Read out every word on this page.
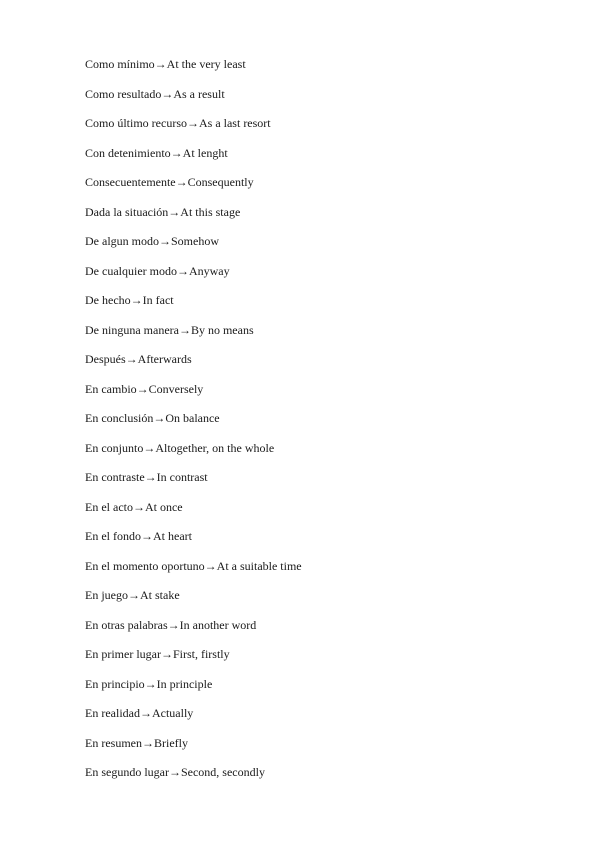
Como mínimo→At the very least
Como resultado→As a result
Como último recurso→As a last resort
Con detenimiento→At lenght
Consecuentemente→Consequently
Dada la situación→At this stage
De algun modo→Somehow
De cualquier modo→Anyway
De hecho→In fact
De ninguna manera→By no means
Después→Afterwards
En cambio→Conversely
En conclusión→On balance
En conjunto→Altogether, on the whole
En contraste→In contrast
En el acto→At once
En el fondo→At heart
En el momento oportuno→At a suitable time
En juego→At stake
En otras palabras→In another word
En primer lugar→First, firstly
En principio→In principle
En realidad→Actually
En resumen→Briefly
En segundo lugar→Second, secondly
